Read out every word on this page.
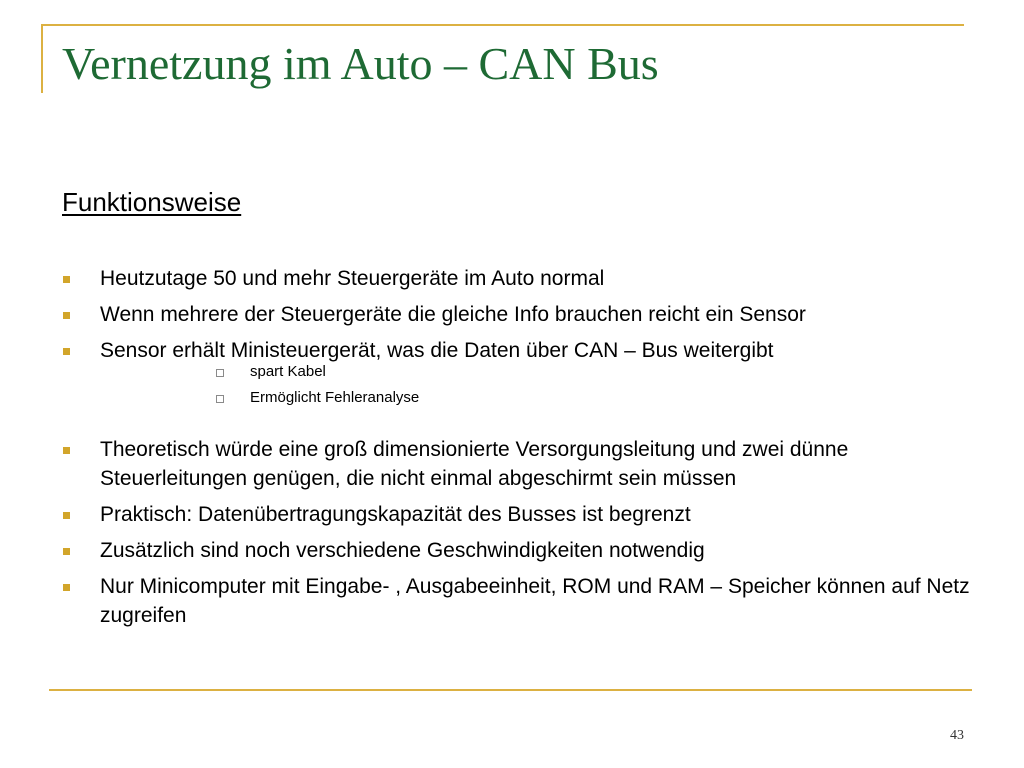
Vernetzung im Auto – CAN Bus
Funktionsweise
Heutzutage 50 und mehr Steuergeräte im Auto normal
Wenn mehrere der Steuergeräte die gleiche Info brauchen reicht ein Sensor
Sensor erhält Ministeuergerät, was die Daten über CAN – Bus weitergibt
spart Kabel
Ermöglicht Fehleranalyse
Theoretisch würde eine groß dimensionierte Versorgungsleitung und zwei dünne Steuerleitungen genügen, die nicht einmal abgeschirmt sein müssen
Praktisch: Datenübertragungskapazität des Busses ist begrenzt
Zusätzlich sind noch verschiedene Geschwindigkeiten notwendig
Nur Minicomputer mit Eingabe- , Ausgabeeinheit, ROM und RAM – Speicher können auf Netz zugreifen
43
